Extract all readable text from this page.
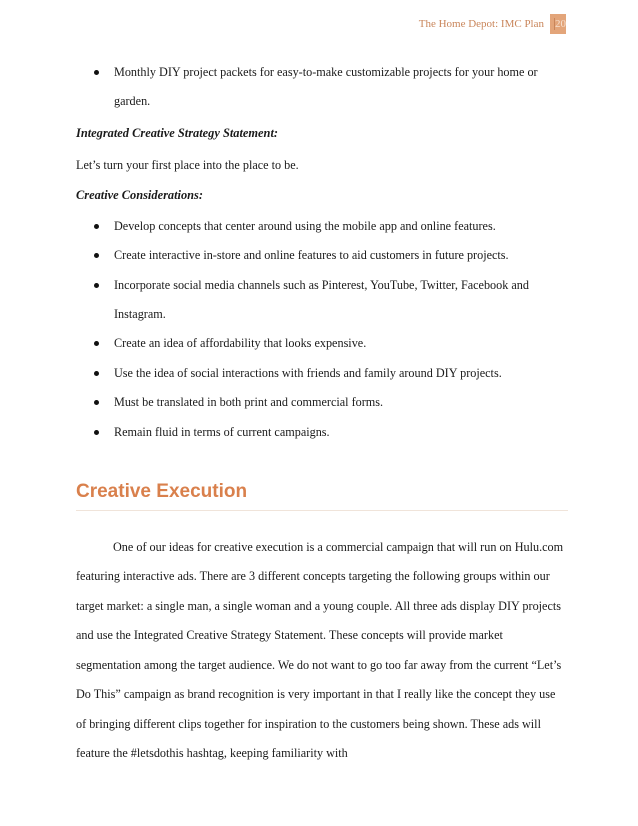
The Home Depot: IMC Plan	20
Monthly DIY project packets for easy-to-make customizable projects for your home or garden.

Integrated Creative Strategy Statement:

Let’s turn your first place into the place to be.

Creative Considerations:

Develop concepts that center around using the mobile app and online features.
Create interactive in-store and online features to aid customers in future projects.
Incorporate social media channels such as Pinterest, YouTube, Twitter, Facebook and Instagram.
Create an idea of affordability that looks expensive.
Use the idea of social interactions with friends and family around DIY projects.
Must be translated in both print and commercial forms.
Remain fluid in terms of current campaigns.
Creative Execution

One of our ideas for creative execution is a commercial campaign that will run on Hulu.com featuring interactive ads. There are 3 different concepts targeting the following groups within our target market: a single man, a single woman and a young couple. All three ads display DIY projects and use the Integrated Creative Strategy Statement. These concepts will provide market segmentation among the target audience. We do not want to go too far away from the current “Let’s Do This” campaign as brand recognition is very important in that I really like the concept they use of bringing different clips together for inspiration to the customers being shown. These ads will feature the #letsdothis hashtag, keeping familiarity with
